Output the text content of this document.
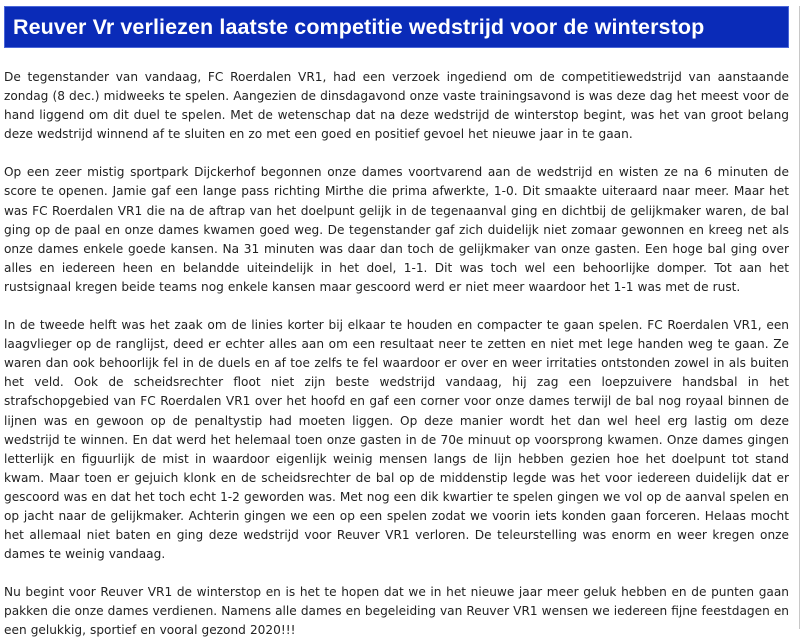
Reuver Vr verliezen laatste competitie wedstrijd voor de winterstop

De tegenstander van vandaag, FC Roerdalen VR1, had een verzoek ingediend om de competitiewedstrijd van aanstaande zondag (8 dec.) midweeks te spelen. Aangezien de dinsdagavond onze vaste trainingsavond is was deze dag het meest voor de hand liggend om dit duel te spelen. Met de wetenschap dat na deze wedstrijd de winterstop begint, was het van groot belang deze wedstrijd winnend af te sluiten en zo met een goed en positief gevoel het nieuwe jaar in te gaan.

Op een zeer mistig sportpark Dijckerhof begonnen onze dames voortvarend aan de wedstrijd en wisten ze na 6 minuten de score te openen. Jamie gaf een lange pass richting Mirthe die prima afwerkte, 1-0. Dit smaakte uiteraard naar meer. Maar het was FC Roerdalen VR1 die na de aftrap van het doelpunt gelijk in de tegenaanval ging en dichtbij de gelijkmaker waren, de bal ging op de paal en onze dames kwamen goed weg. De tegenstander gaf zich duidelijk niet zomaar gewonnen en kreeg net als onze dames enkele goede kansen. Na 31 minuten was daar dan toch de gelijkmaker van onze gasten. Een hoge bal ging over alles en iedereen heen en belandde uiteindelijk in het doel, 1-1. Dit was toch wel een behoorlijke domper. Tot aan het rustsignaal kregen beide teams nog enkele kansen maar gescoord werd er niet meer waardoor het 1-1 was met de rust.

In de tweede helft was het zaak om de linies korter bij elkaar te houden en compacter te gaan spelen. FC Roerdalen VR1, een laagvlieger op de ranglijst, deed er echter alles aan om een resultaat neer te zetten en niet met lege handen weg te gaan. Ze waren dan ook behoorlijk fel in de duels en af toe zelfs te fel waardoor er over en weer irritaties ontstonden zowel in als buiten het veld. Ook de scheidsrechter floot niet zijn beste wedstrijd vandaag, hij zag een loepzuivere handsbal in het strafschopgebied van FC Roerdalen VR1 over het hoofd en gaf een corner voor onze dames terwijl de bal nog royaal binnen de lijnen was en gewoon op de penaltystip had moeten liggen. Op deze manier wordt het dan wel heel erg lastig om deze wedstrijd te winnen. En dat werd het helemaal toen onze gasten in de 70e minuut op voorsprong kwamen. Onze dames gingen letterlijk en figuurlijk de mist in waardoor eigenlijk weinig mensen langs de lijn hebben gezien hoe het doelpunt tot stand kwam. Maar toen er gejuich klonk en de scheidsrechter de bal op de middenstip legde was het voor iedereen duidelijk dat er gescoord was en dat het toch echt 1-2 geworden was. Met nog een dik kwartier te spelen gingen we vol op de aanval spelen en op jacht naar de gelijkmaker. Achterin gingen we een op een spelen zodat we voorin iets konden gaan forceren. Helaas mocht het allemaal niet baten en ging deze wedstrijd voor Reuver VR1 verloren. De teleurstelling was enorm en weer kregen onze dames te weinig vandaag.

Nu begint voor Reuver VR1 de winterstop en is het te hopen dat we in het nieuwe jaar meer geluk hebben en de punten gaan pakken die onze dames verdienen. Namens alle dames en begeleiding van Reuver VR1 wensen we iedereen fijne feestdagen en een gelukkig, sportief en vooral gezond 2020!!!
